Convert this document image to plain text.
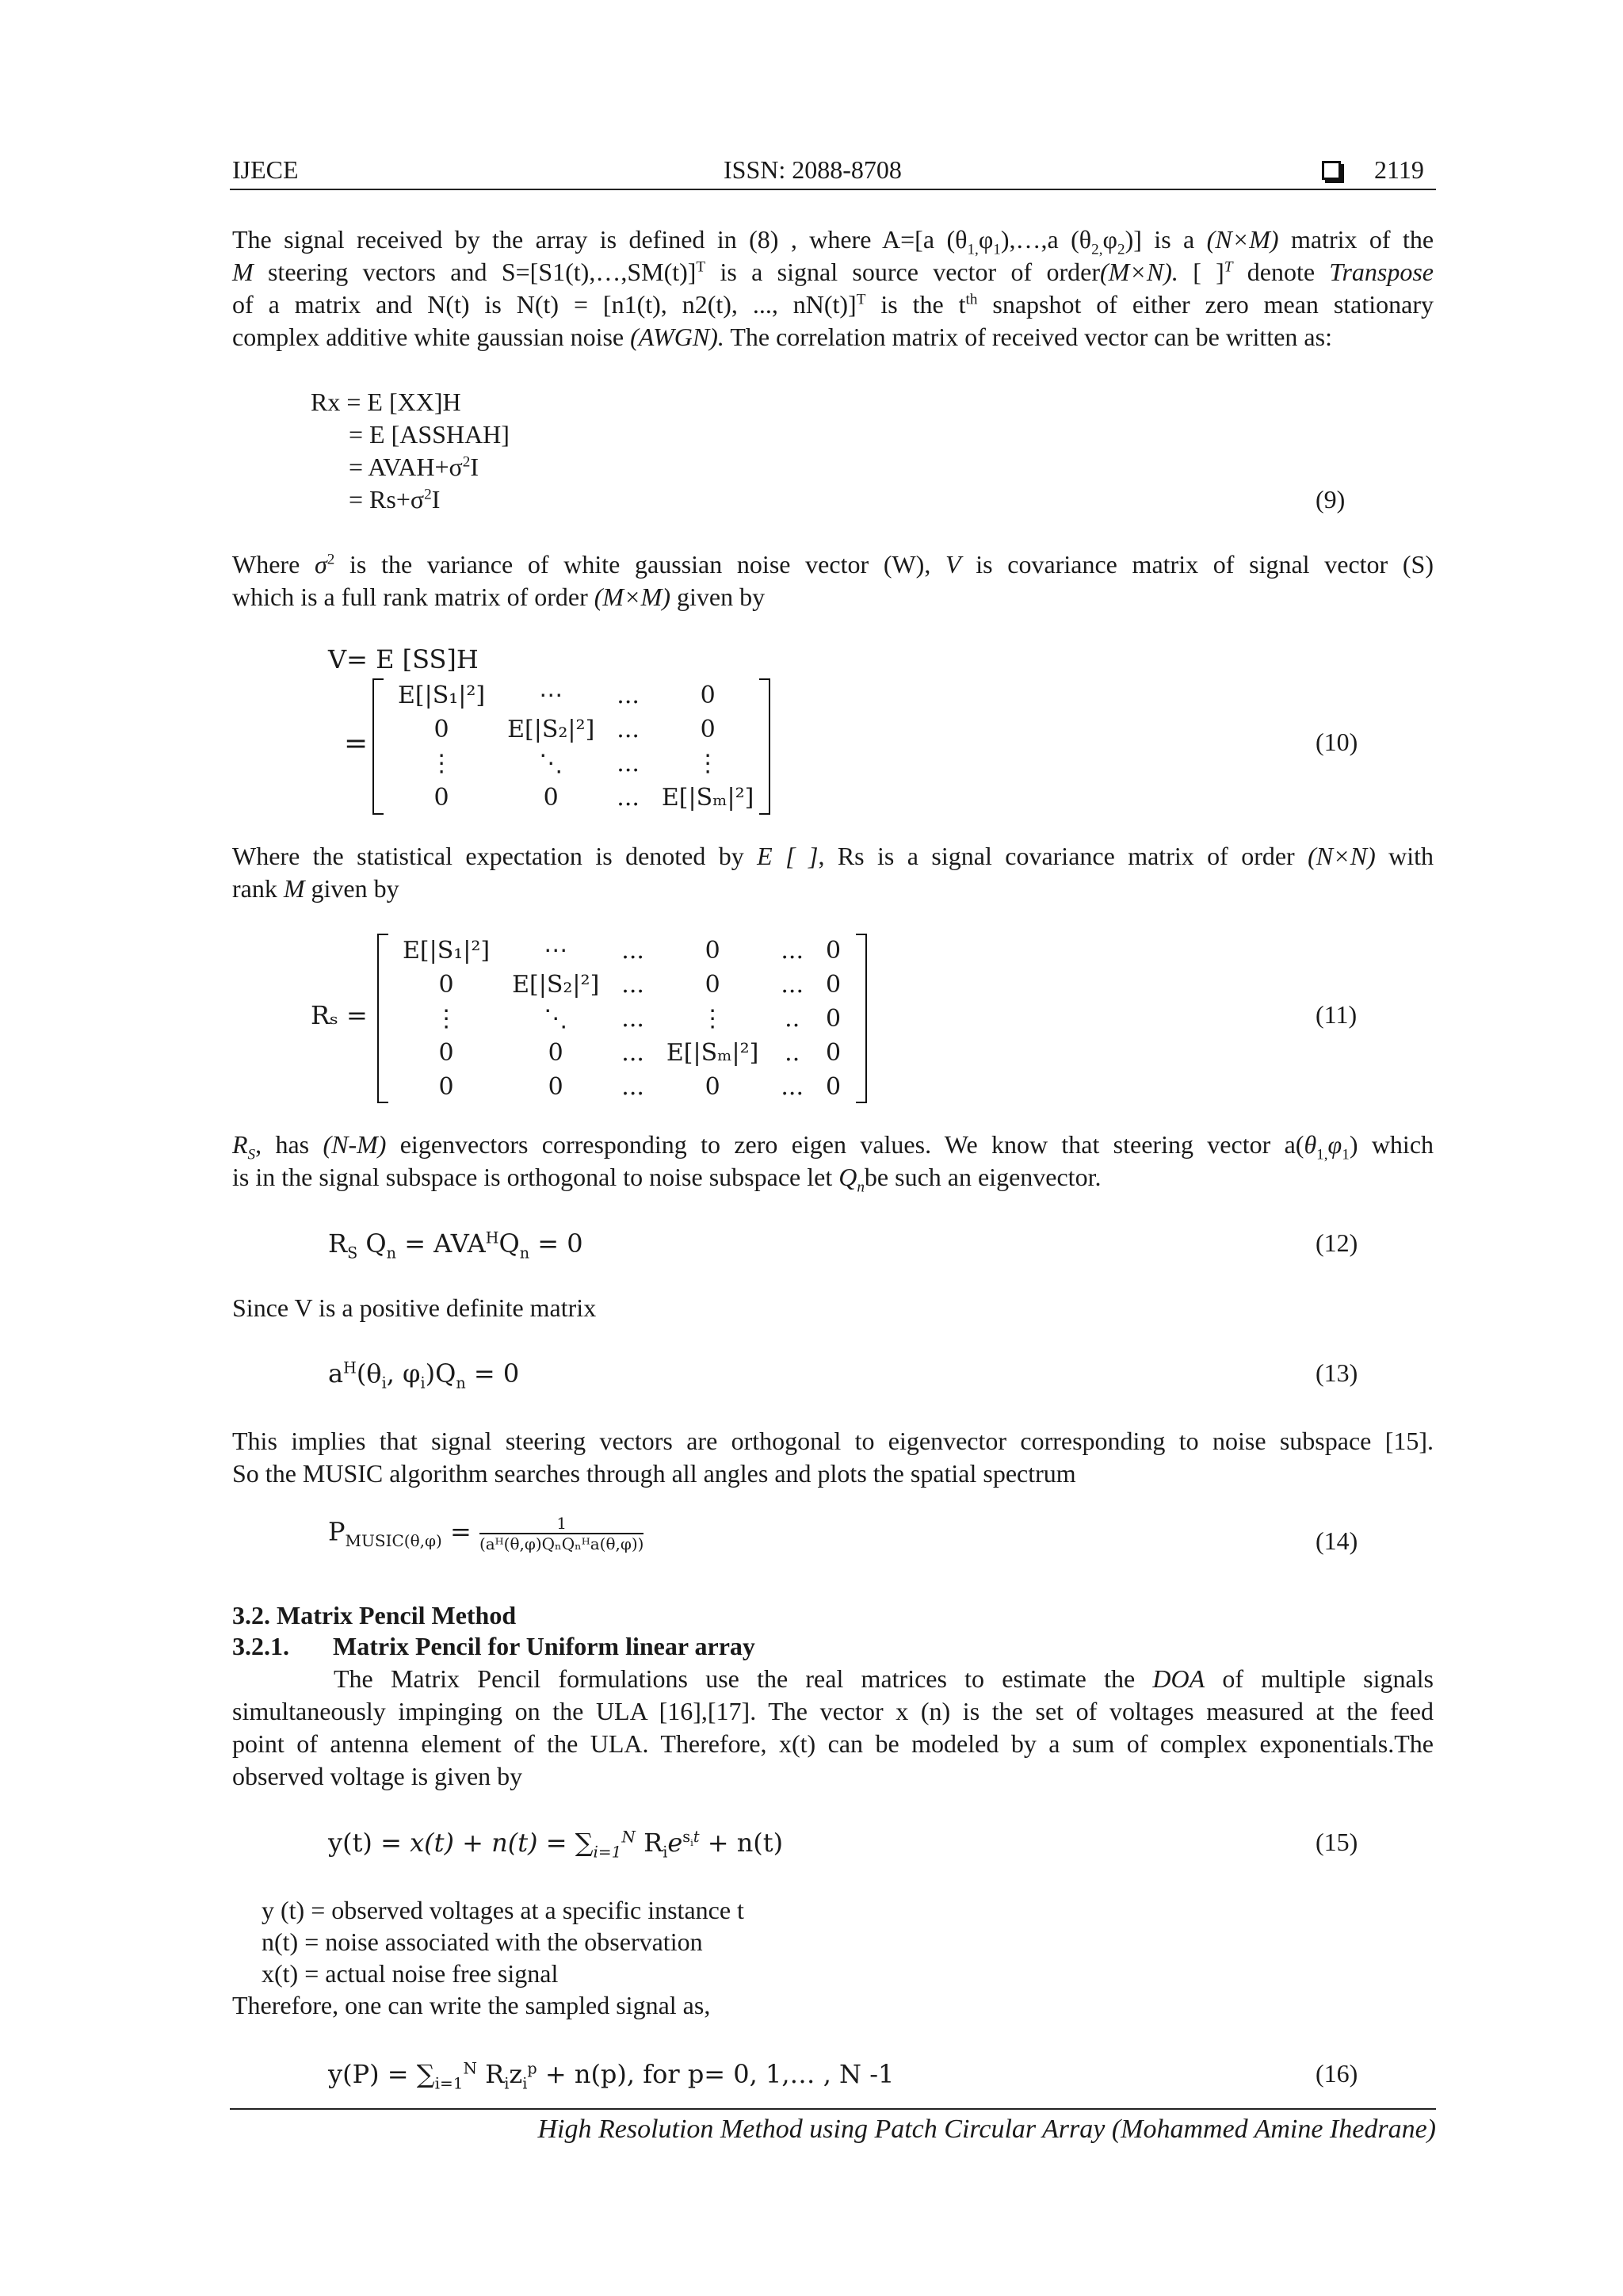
IJECE	ISSN: 2088-8708	2119
The signal received by the array is defined in (8) , where A=[a $(\theta_{1,}\varphi_1),\dots,a$ $(\theta_{2,}\varphi_2)$] is a (N×M) matrix of the
M steering vectors and S=[S1(t),…,SM(t)]$^T$ is a signal source vector of order(M×N). [ ]$^T$ denote Transpose
of a matrix and N(t) is N(t) = [n1(t), n2(t), ..., nN(t)]$^T$ is the $t^{th}$ snapshot of either zero mean stationary
complex additive white gaussian noise (AWGN). The correlation matrix of received vector can be written as:
Rx = E [XX]H
= E [ASSHAH]
= $AVAH+\sigma^2I$
= $Rs+\sigma^2I$	(9)
Where $\sigma^2$ is the variance of white gaussian noise vector (W), V is covariance matrix of signal vector (S)
which is a full rank matrix of order (M×M) given by
V= E [SS]H
=
E[|S₁|²]	⋯	...	0
0	E[|S₂|²]	...	0
⋮	⋱	...	⋮
0	0	...	E[|Sₘ|²]
(10)
Where the statistical expectation is denoted by E [ ], Rs is a signal covariance matrix of order (N×N) with
rank M given by
Rₛ =
E[|S₁|²]	⋯	...	0	...	0
0	E[|S₂|²]	...	0	...	0
⋮	⋱	...	⋮	..	0
0	0	...	E[|Sₘ|²]	..	0
0	0	...	0	...	0
(11)
$R_S$, has (N-M) eigenvectors corresponding to zero eigen values. We know that steering vector $a(\theta_{1,}\varphi_1)$ which
is in the signal subspace is orthogonal to noise subspace let $Q_nbe$ such an eigenvector.
$R_S$ $Q_n = AVA^HQ_n = 0$	(12)
Since V is a positive definite matrix
$a^H(\theta_i$, $\varphi_i)Q_n = 0$	(13)
This implies that signal steering vectors are orthogonal to eigenvector corresponding to noise subspace [15].
So the MUSIC algorithm searches through all angles and plots the spatial spectrum
$P_{MUSIC(\theta,\varphi)} = \frac{1}{\text{(aᴴ(θ,φ)QₙQₙᴴa(θ,φ))}}$	(14)
3.2. Matrix Pencil Method
3.2.1. Matrix Pencil for Uniform linear array
The Matrix Pencil formulations use the real matrices to estimate the DOA of multiple signals
simultaneously impinging on the ULA [16],[17]. The vector x (n) is the set of voltages measured at the feed
point of antenna element of the ULA. Therefore, x(t) can be modeled by a sum of complex exponentials.The
observed voltage is given by
$y(t) = x(t) + n(t) = \sum_{i=1}^N$ $R_ie^{s_it} + n(t)$	(15)
y (t) = observed voltages at a specific instance t
n(t) = noise associated with the observation
x(t) = actual noise free signal
Therefore, one can write the sampled signal as,
$y(P) = \sum_{i=1}^N$ $R_iz_i^p + n(p)$, for p= 0, 1,… , N -1	(16)
High Resolution Method using Patch Circular Array (Mohammed Amine Ihedrane)
